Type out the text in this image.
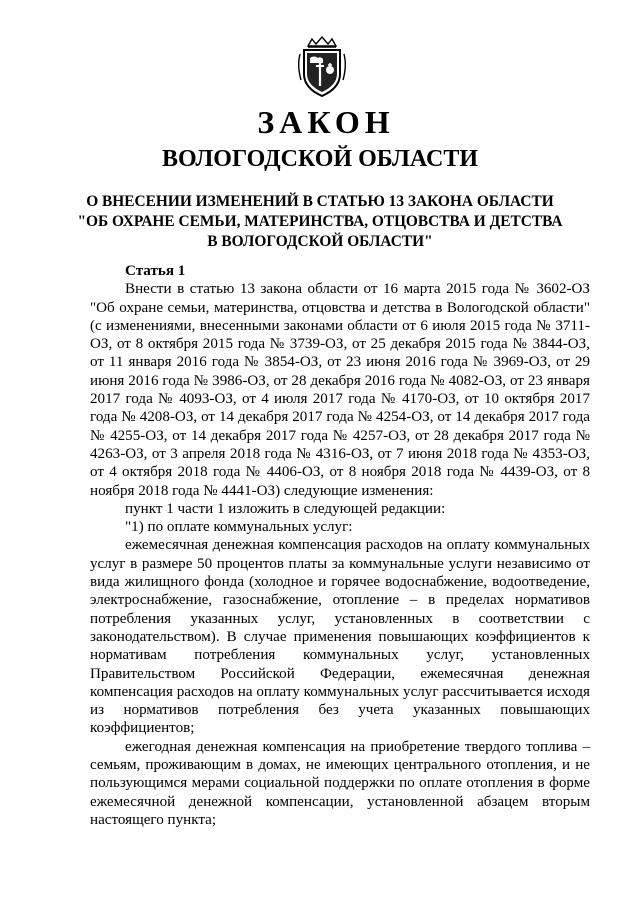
ЗАКОН
ВОЛОГОДСКОЙ ОБЛАСТИ
О ВНЕСЕНИИ ИЗМЕНЕНИЙ В СТАТЬЮ 13 ЗАКОНА ОБЛАСТИ
"ОБ ОХРАНЕ СЕМЬИ, МАТЕРИНСТВА, ОТЦОВСТВА И ДЕТСТВА
В ВОЛОГОДСКОЙ ОБЛАСТИ"
Статья 1

Внести в статью 13 закона области от 16 марта 2015 года № 3602-ОЗ "Об охране семьи, материнства, отцовства и детства в Вологодской области" (с изменениями, внесенными законами области от 6 июля 2015 года № 3711-ОЗ, от 8 октября 2015 года № 3739-ОЗ, от 25 декабря 2015 года № 3844-ОЗ, от 11 января 2016 года № 3854-ОЗ, от 23 июня 2016 года № 3969-ОЗ, от 29 июня 2016 года № 3986-ОЗ, от 28 декабря 2016 года № 4082-ОЗ, от 23 января 2017 года № 4093-ОЗ, от 4 июля 2017 года № 4170-ОЗ, от 10 октября 2017 года № 4208-ОЗ, от 14 декабря 2017 года № 4254-ОЗ, от 14 декабря 2017 года № 4255-ОЗ, от 14 декабря 2017 года № 4257-ОЗ, от 28 декабря 2017 года № 4263-ОЗ, от 3 апреля 2018 года № 4316-ОЗ, от 7 июня 2018 года № 4353-ОЗ, от 4 октября 2018 года № 4406-ОЗ, от 8 ноября 2018 года № 4439-ОЗ, от 8 ноября 2018 года № 4441-ОЗ) следующие изменения:

пункт 1 части 1 изложить в следующей редакции:

"1) по оплате коммунальных услуг:

ежемесячная денежная компенсация расходов на оплату коммунальных услуг в размере 50 процентов платы за коммунальные услуги независимо от вида жилищного фонда (холодное и горячее водоснабжение, водоотведение, электроснабжение, газоснабжение, отопление – в пределах нормативов потребления указанных услуг, установленных в соответствии с законодательством). В случае применения повышающих коэффициентов к нормативам потребления коммунальных услуг, установленных Правительством Российской Федерации, ежемесячная денежная компенсация расходов на оплату коммунальных услуг рассчитывается исходя из нормативов потребления без учета указанных повышающих коэффициентов;

ежегодная денежная компенсация на приобретение твердого топлива – семьям, проживающим в домах, не имеющих центрального отопления, и не пользующимся мерами социальной поддержки по оплате отопления в форме ежемесячной денежной компенсации, установленной абзацем вторым настоящего пункта;
